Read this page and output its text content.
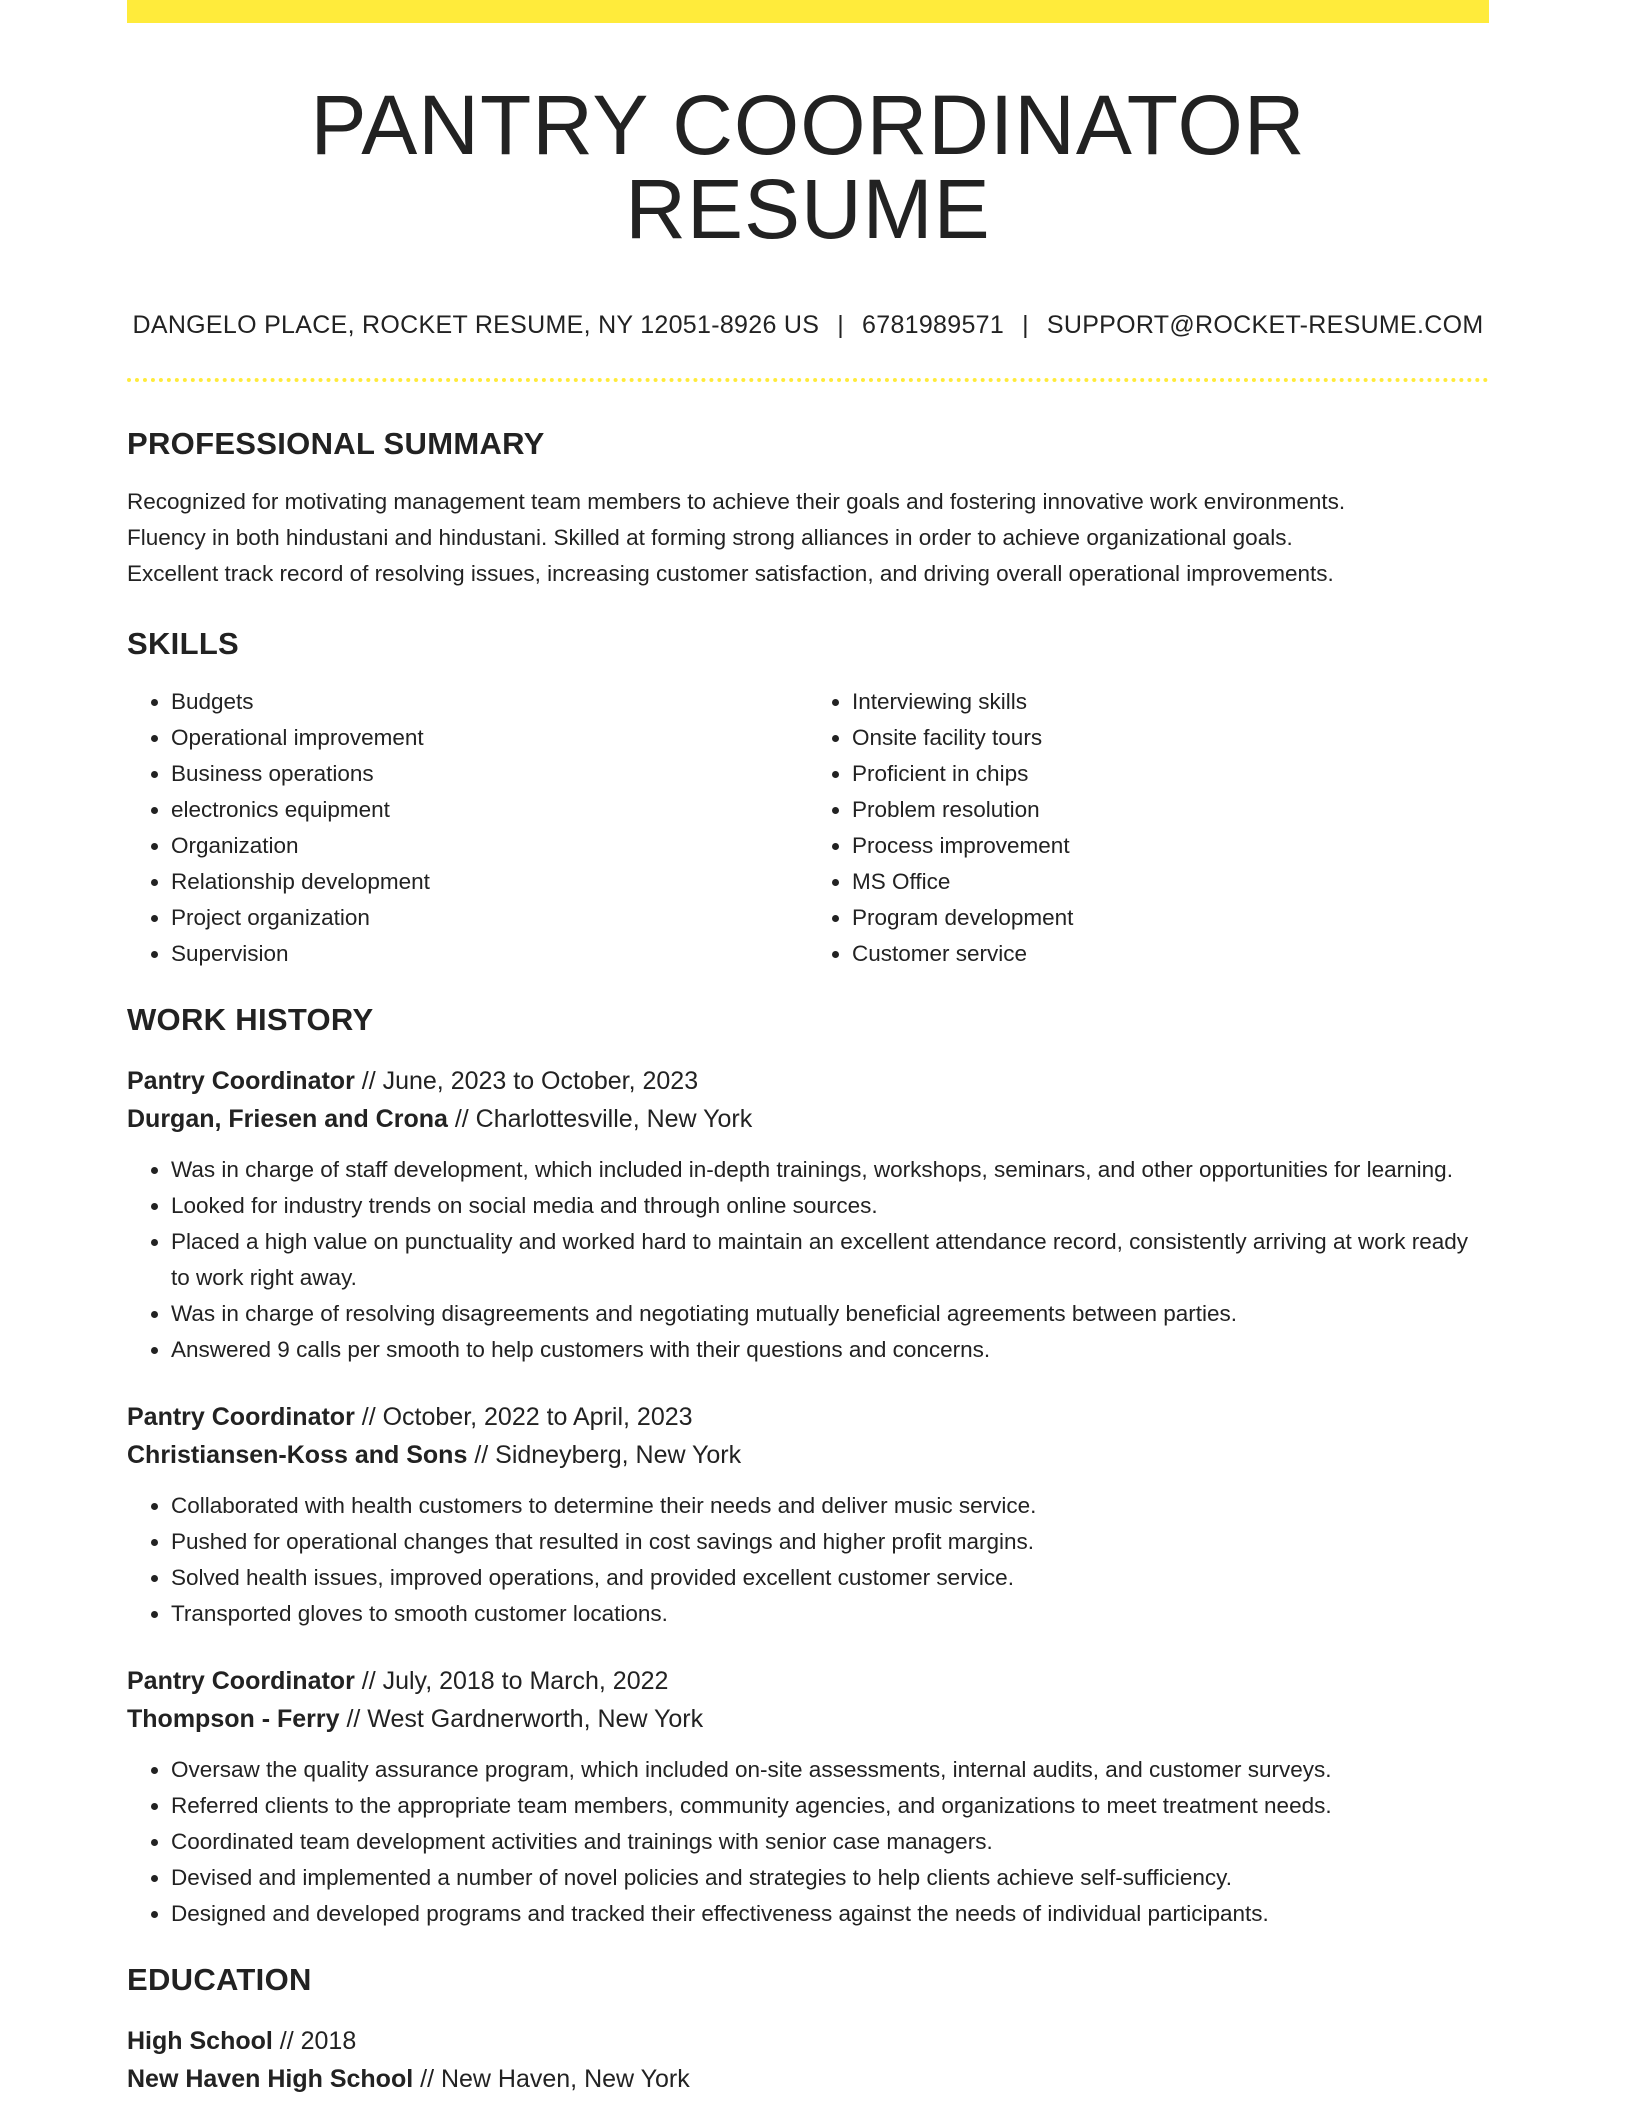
PANTRY COORDINATOR RESUME
DANGELO PLACE, ROCKET RESUME, NY 12051-8926 US | 6781989571 | SUPPORT@ROCKET-RESUME.COM
PROFESSIONAL SUMMARY
Recognized for motivating management team members to achieve their goals and fostering innovative work environments.
Fluency in both hindustani and hindustani. Skilled at forming strong alliances in order to achieve organizational goals.
Excellent track record of resolving issues, increasing customer satisfaction, and driving overall operational improvements.
SKILLS
• Budgets
• Operational improvement
• Business operations
• electronics equipment
• Organization
• Relationship development
• Project organization
• Supervision
• Interviewing skills
• Onsite facility tours
• Proficient in chips
• Problem resolution
• Process improvement
• MS Office
• Program development
• Customer service
WORK HISTORY
Pantry Coordinator // June, 2023 to October, 2023
Durgan, Friesen and Crona // Charlottesville, New York
• Was in charge of staff development, which included in-depth trainings, workshops, seminars, and other opportunities for learning.
• Looked for industry trends on social media and through online sources.
• Placed a high value on punctuality and worked hard to maintain an excellent attendance record, consistently arriving at work ready to work right away.
• Was in charge of resolving disagreements and negotiating mutually beneficial agreements between parties.
• Answered 9 calls per smooth to help customers with their questions and concerns.
Pantry Coordinator // October, 2022 to April, 2023
Christiansen-Koss and Sons // Sidneyberg, New York
• Collaborated with health customers to determine their needs and deliver music service.
• Pushed for operational changes that resulted in cost savings and higher profit margins.
• Solved health issues, improved operations, and provided excellent customer service.
• Transported gloves to smooth customer locations.
Pantry Coordinator // July, 2018 to March, 2022
Thompson - Ferry // West Gardnerworth, New York
• Oversaw the quality assurance program, which included on-site assessments, internal audits, and customer surveys.
• Referred clients to the appropriate team members, community agencies, and organizations to meet treatment needs.
• Coordinated team development activities and trainings with senior case managers.
• Devised and implemented a number of novel policies and strategies to help clients achieve self-sufficiency.
• Designed and developed programs and tracked their effectiveness against the needs of individual participants.
EDUCATION
High School // 2018
New Haven High School // New Haven, New York
